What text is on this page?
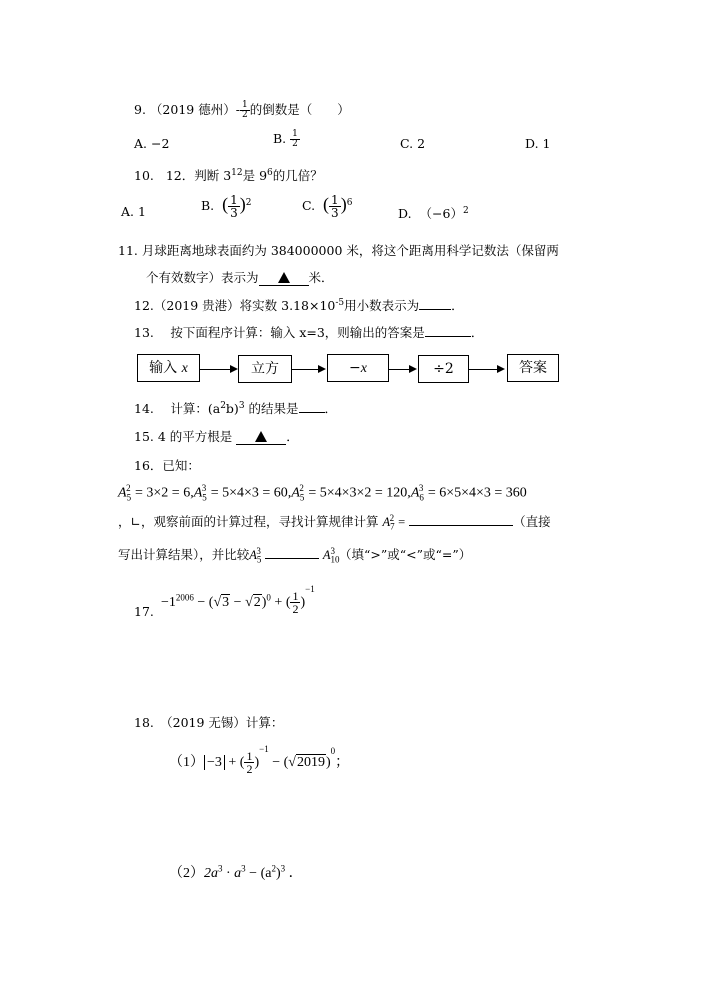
9. （2019 德州）- $\frac{1}{2}$ 的倒数是（　　）
A. −2	B. $\frac{1}{2}$	C. 2	D. 1
10. 12．判断 $3^{12}$是 $9^6$的几倍？
A. 1	B. ( $\frac{1}{3} )^2$	C. ( $\frac{1}{3} )^6$
D. $(-6)^2$
11. 月球距离地球表面约为 384000000 米，将这个距离用科学记数法（保留两
个有效数字）表示为	米．
12.（2019 贵港）将实数 $3.18\times 10^{-5}$用小数表示为	．
13.　 按下面程序计算：输入 x=3，则输出的答案是	．
输入 x	立方	−x	÷2	答案
14.　 计算：$(a^2b)^3$ 的结果是 ．
15. 4 的平方根是	．
16．已知：
$A_5^2 = 3\times 2 = 6,A_5^3 = 5\times 4\times 3 = 60,A_5^2 = 5\times 4\times 3\times 2 = 120,A_6^3 = 6\times 5\times 4\times 3 = 360$
，∟，观察前面的计算过程，寻找计算规律计算 $A_7^2$ =	（直接
写出计算结果），并比较$A_5^3$	$A_{10}^3$ （填“>”或“<”或“=”）
17.
$-1^{2006} - (√3 - √2)^0$ + ( $\frac{1}{2} )^{-1}$
18.　（2019 无锡）计算：
（1） −3 + ( $\frac{1}{2} )^{-1} - (√2019)^0$；
$(2)2a^3 \cdot a^3 - (a^2)^3$ ．
